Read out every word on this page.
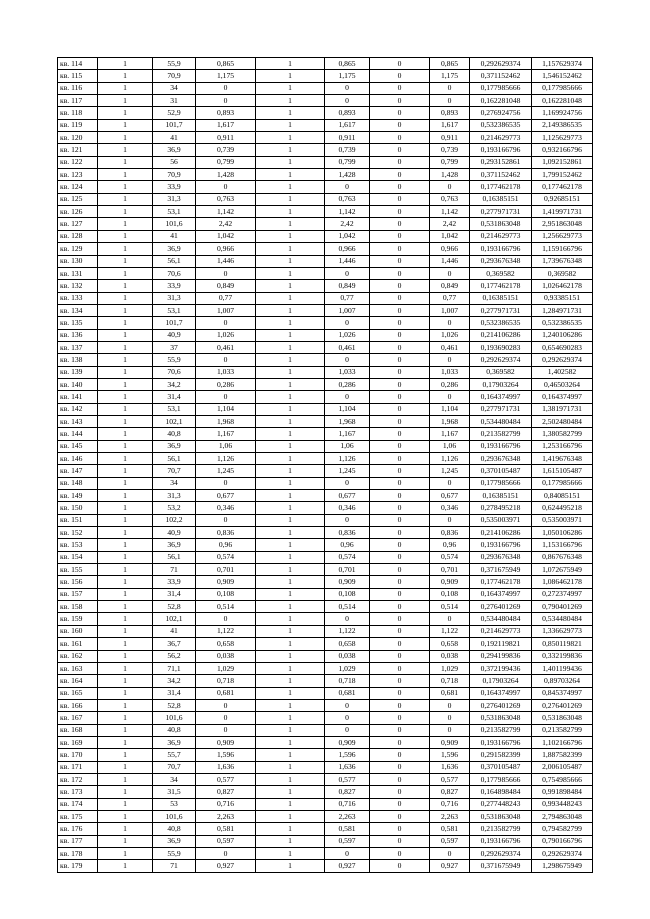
кв. 114	1	55,9	0,865	1	0,865	0	0,865	0,292629374	1,157629374
кв. 115	1	70,9	1,175	1	1,175	0	1,175	0,371152462	1,546152462
кв. 116	1	34	0	1	0	0	0	0,177985666	0,177985666
кв. 117	1	31	0	1	0	0	0	0,162281048	0,162281048
кв. 118	1	52,9	0,893	1	0,893	0	0,893	0,276924756	1,169924756
кв. 119	1	101,7	1,617	1	1,617	0	1,617	0,532386535	2,149386535
кв. 120	1	41	0,911	1	0,911	0	0,911	0,214629773	1,125629773
кв. 121	1	36,9	0,739	1	0,739	0	0,739	0,193166796	0,932166796
кв. 122	1	56	0,799	1	0,799	0	0,799	0,293152861	1,092152861
кв. 123	1	70,9	1,428	1	1,428	0	1,428	0,371152462	1,799152462
кв. 124	1	33,9	0	1	0	0	0	0,177462178	0,177462178
кв. 125	1	31,3	0,763	1	0,763	0	0,763	0,16385151	0,92685151
кв. 126	1	53,1	1,142	1	1,142	0	1,142	0,277971731	1,419971731
кв. 127	1	101,6	2,42	1	2,42	0	2,42	0,531863048	2,951863048
кв. 128	1	41	1,042	1	1,042	0	1,042	0,214629773	1,256629773
кв. 129	1	36,9	0,966	1	0,966	0	0,966	0,193166796	1,159166796
кв. 130	1	56,1	1,446	1	1,446	0	1,446	0,293676348	1,739676348
кв. 131	1	70,6	0	1	0	0	0	0,369582	0,369582
кв. 132	1	33,9	0,849	1	0,849	0	0,849	0,177462178	1,026462178
кв. 133	1	31,3	0,77	1	0,77	0	0,77	0,16385151	0,93385151
кв. 134	1	53,1	1,007	1	1,007	0	1,007	0,277971731	1,284971731
кв. 135	1	101,7	0	1	0	0	0	0,532386535	0,532386535
кв. 136	1	40,9	1,026	1	1,026	0	1,026	0,214106286	1,240106286
кв. 137	1	37	0,461	1	0,461	0	0,461	0,193690283	0,654690283
кв. 138	1	55,9	0	1	0	0	0	0,292629374	0,292629374
кв. 139	1	70,6	1,033	1	1,033	0	1,033	0,369582	1,402582
кв. 140	1	34,2	0,286	1	0,286	0	0,286	0,17903264	0,46503264
кв. 141	1	31,4	0	1	0	0	0	0,164374997	0,164374997
кв. 142	1	53,1	1,104	1	1,104	0	1,104	0,277971731	1,381971731
кв. 143	1	102,1	1,968	1	1,968	0	1,968	0,534480484	2,502480484
кв. 144	1	40,8	1,167	1	1,167	0	1,167	0,213582799	1,380582799
кв. 145	1	36,9	1,06	1	1,06	0	1,06	0,193166796	1,253166796
кв. 146	1	56,1	1,126	1	1,126	0	1,126	0,293676348	1,419676348
кв. 147	1	70,7	1,245	1	1,245	0	1,245	0,370105487	1,615105487
кв. 148	1	34	0	1	0	0	0	0,177985666	0,177985666
кв. 149	1	31,3	0,677	1	0,677	0	0,677	0,16385151	0,84085151
кв. 150	1	53,2	0,346	1	0,346	0	0,346	0,278495218	0,624495218
кв. 151	1	102,2	0	1	0	0	0	0,535003971	0,535003971
кв. 152	1	40,9	0,836	1	0,836	0	0,836	0,214106286	1,050106286
кв. 153	1	36,9	0,96	1	0,96	0	0,96	0,193166796	1,153166796
кв. 154	1	56,1	0,574	1	0,574	0	0,574	0,293676348	0,867676348
кв. 155	1	71	0,701	1	0,701	0	0,701	0,371675949	1,072675949
кв. 156	1	33,9	0,909	1	0,909	0	0,909	0,177462178	1,086462178
кв. 157	1	31,4	0,108	1	0,108	0	0,108	0,164374997	0,272374997
кв. 158	1	52,8	0,514	1	0,514	0	0,514	0,276401269	0,790401269
кв. 159	1	102,1	0	1	0	0	0	0,534480484	0,534480484
кв. 160	1	41	1,122	1	1,122	0	1,122	0,214629773	1,336629773
кв. 161	1	36,7	0,658	1	0,658	0	0,658	0,192119821	0,850119821
кв. 162	1	56,2	0,038	1	0,038	0	0,038	0,294199836	0,332199836
кв. 163	1	71,1	1,029	1	1,029	0	1,029	0,372199436	1,401199436
кв. 164	1	34,2	0,718	1	0,718	0	0,718	0,17903264	0,89703264
кв. 165	1	31,4	0,681	1	0,681	0	0,681	0,164374997	0,845374997
кв. 166	1	52,8	0	1	0	0	0	0,276401269	0,276401269
кв. 167	1	101,6	0	1	0	0	0	0,531863048	0,531863048
кв. 168	1	40,8	0	1	0	0	0	0,213582799	0,213582799
кв. 169	1	36,9	0,909	1	0,909	0	0,909	0,193166796	1,102166796
кв. 170	1	55,7	1,596	1	1,596	0	1,596	0,291582399	1,887582399
кв. 171	1	70,7	1,636	1	1,636	0	1,636	0,370105487	2,006105487
кв. 172	1	34	0,577	1	0,577	0	0,577	0,177985666	0,754985666
кв. 173	1	31,5	0,827	1	0,827	0	0,827	0,164898484	0,991898484
кв. 174	1	53	0,716	1	0,716	0	0,716	0,277448243	0,993448243
кв. 175	1	101,6	2,263	1	2,263	0	2,263	0,531863048	2,794863048
кв. 176	1	40,8	0,581	1	0,581	0	0,581	0,213582799	0,794582799
кв. 177	1	36,9	0,597	1	0,597	0	0,597	0,193166796	0,790166796
кв. 178	1	55,9	0	1	0	0	0	0,292629374	0,292629374
кв. 179	1	71	0,927	1	0,927	0	0,927	0,371675949	1,298675949
